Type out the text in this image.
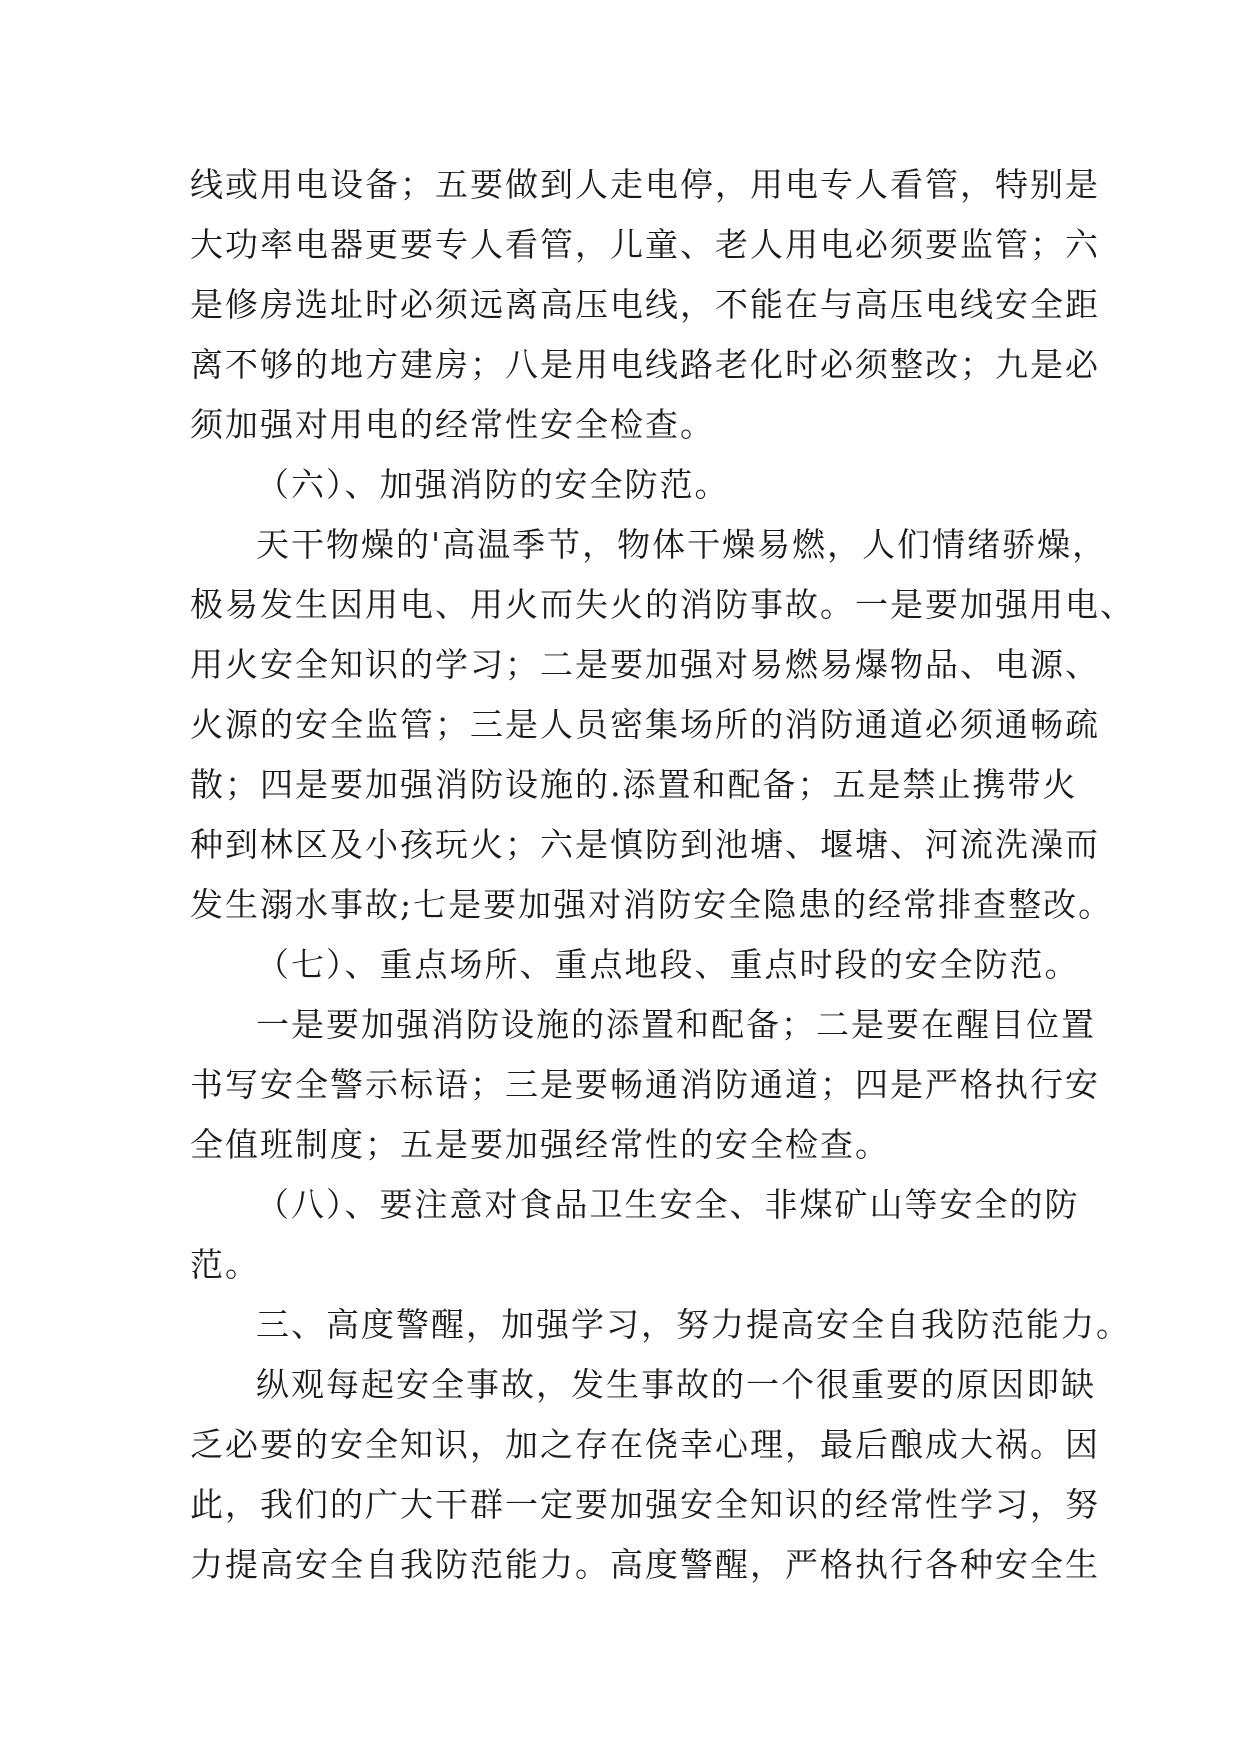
线或用电设备；五要做到人走电停，用电专人看管，特别是
大功率电器更要专人看管，儿童、老人用电必须要监管；六
是修房选址时必须远离高压电线，不能在与高压电线安全距
离不够的地方建房；八是用电线路老化时必须整改；九是必
须加强对用电的经常性安全检查。
（六）、加强消防的安全防范。
天干物燥的'高温季节，物体干燥易燃，人们情绪骄燥，
极易发生因用电、用火而失火的消防事故。一是要加强用电、
用火安全知识的学习；二是要加强对易燃易爆物品、电源、
火源的安全监管；三是人员密集场所的消防通道必须通畅疏
散；四是要加强消防设施的.添置和配备；五是禁止携带火
种到林区及小孩玩火；六是慎防到池塘、堰塘、河流洗澡而
发生溺水事故;七是要加强对消防安全隐患的经常排查整改。
（七）、重点场所、重点地段、重点时段的安全防范。
一是要加强消防设施的添置和配备；二是要在醒目位置
书写安全警示标语；三是要畅通消防通道；四是严格执行安
全值班制度；五是要加强经常性的安全检查。
（八）、要注意对食品卫生安全、非煤矿山等安全的防
范。
三、高度警醒，加强学习，努力提高安全自我防范能力。
纵观每起安全事故，发生事故的一个很重要的原因即缺
乏必要的安全知识，加之存在侥幸心理，最后酿成大祸。因
此，我们的广大干群一定要加强安全知识的经常性学习，努
力提高安全自我防范能力。高度警醒，严格执行各种安全生
